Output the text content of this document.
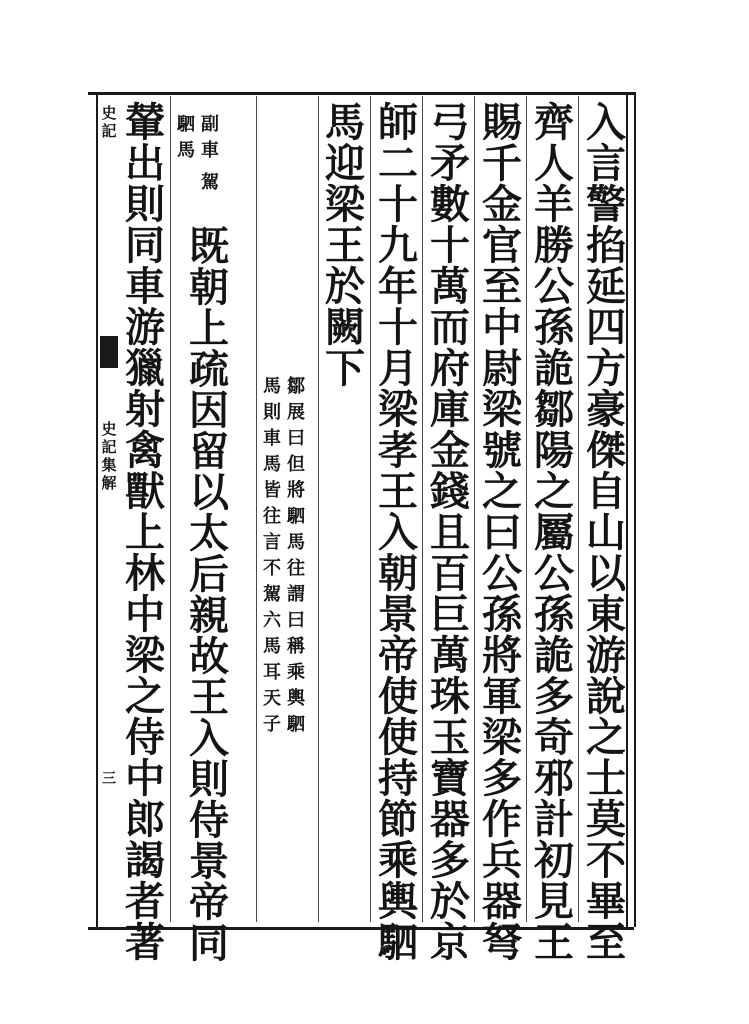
入
言
警
掐
延
四
方
豪
傑
自
山
以
東
游
說
之
士
莫
不
畢
至
齊
人
羊
勝
公
孫
詭
鄒
陽
之
屬
公
孫
詭
多
奇
邪
計
初
見
王
賜
千
金
官
至
中
尉
梁
號
之
曰
公
孫
將
軍
梁
多
作
兵
器
弩
弓
矛
數
十
萬
而
府
庫
金
錢
且
百
巨
萬
珠
玉
寶
器
多
於
京
師
二
十
九
年
十
月
梁
孝
王
入
朝
景
帝
使
使
持
節
乘
輿
駟
馬
迎
梁
王
於
闕
下
鄒
展
曰
但
將
駟
馬
往
謂
曰
稱
乘
輿
駟
馬
則
車
馬
皆
往
言
不
駕
六
馬
耳
天
子
副
車
駟
馬
駕
既
朝
上
疏
因
留
以
太
后
親
故
王
入
則
侍
景
帝
同
輦
出
則
同
車
游
獵
射
禽
獸
上
林
中
梁
之
侍
中
郎
謁
者
著
史
記
史
記
集
解
三
